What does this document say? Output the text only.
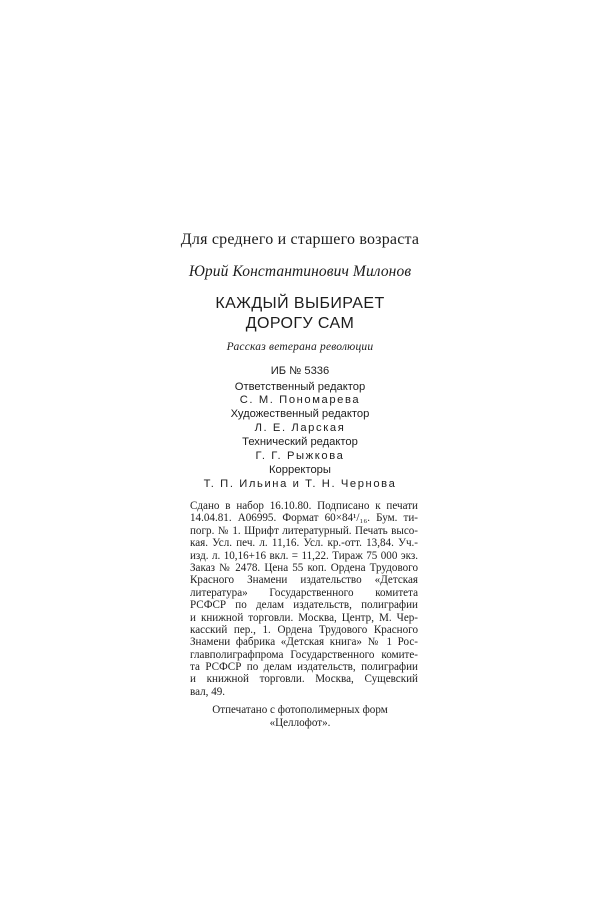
Для среднего и старшего возраста
Юрий Константинович Милонов
КАЖДЫЙ ВЫБИРАЕТ
ДОРОГУ САМ
Рассказ ветерана революции
ИБ № 5336
Ответственный редактор
С. М. Пономарева
Художественный редактор
Л. Е. Ларская
Технический редактор
Г. Г. Рыжкова
Корректоры
Т. П. Ильина и Т. Н. Чернова
Сдано в набор 16.10.80. Подписано к печати
14.04.81. А06995. Формат 60×84¹/₁₆. Бум. ти-
погр. № 1. Шрифт литературный. Печать высо-
кая. Усл. печ. л. 11,16. Усл. кр.-отт. 13,84. Уч.-
изд. л. 10,16+16 вкл. = 11,22. Тираж 75 000 экз.
Заказ № 2478. Цена 55 коп. Ордена Трудового
Красного Знамени издательство «Детская
литература» Государственного комитета
РСФСР по делам издательств, полиграфии
и книжной торговли. Москва, Центр, М. Чер-
касский пер., 1. Ордена Трудового Красного
Знамени фабрика «Детская книга» № 1 Рос-
главполиграфпрома Государственного комите-
та РСФСР по делам издательств, полиграфии
и книжной торговли. Москва, Сущевский
вал, 49.
Отпечатано с фотополимерных форм
«Целлофот».
